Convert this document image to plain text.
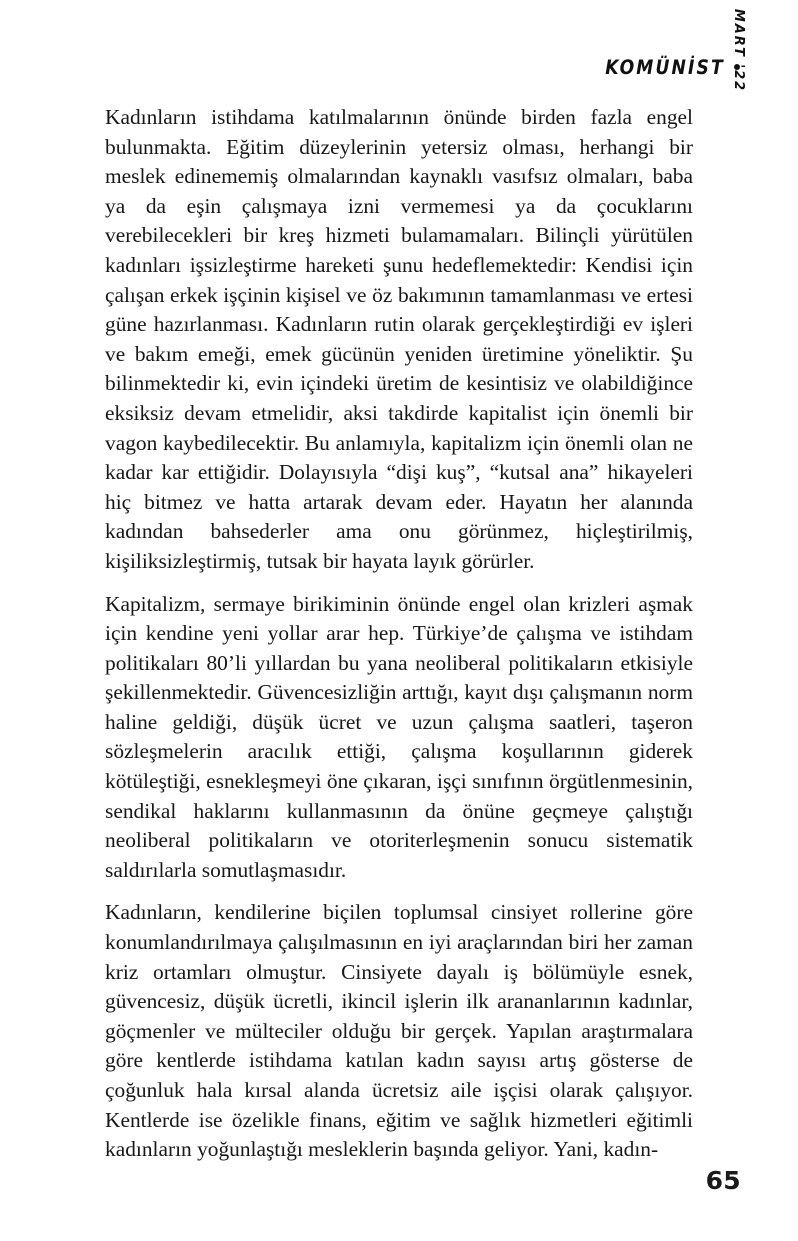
KOMÜNİST MART '22

Kadınların istihdama katılmalarının önünde birden fazla engel bulunmakta. Eğitim düzeylerinin yetersiz olması, herhangi bir meslek edinememiş olmalarından kaynaklı vasıfsız olmaları, baba ya da eşin çalışmaya izni vermemesi ya da çocuklarını verebilecekleri bir kreş hizmeti bulamamaları. Bilinçli yürütülen kadınları işsizleştirme hareketi şunu hedeflemektedir: Kendisi için çalışan erkek işçinin kişisel ve öz bakımının tamamlanması ve ertesi güne hazırlanması. Kadınların rutin olarak gerçekleştirdiği ev işleri ve bakım emeği, emek gücünün yeniden üretimine yöneliktir. Şu bilinmektedir ki, evin içindeki üretim de kesintisiz ve olabildiğince eksiksiz devam etmelidir, aksi takdirde kapitalist için önemli bir vagon kaybedilecektir. Bu anlamıyla, kapitalizm için önemli olan ne kadar kar ettiğidir. Dolayısıyla “dişi kuş”, “kutsal ana” hikayeleri hiç bitmez ve hatta artarak devam eder. Hayatın her alanında kadından bahsederler ama onu görünmez, hiçleştirilmiş, kişiliksizleştirmiş, tutsak bir hayata layık görürler.

Kapitalizm, sermaye birikiminin önünde engel olan krizleri aşmak için kendine yeni yollar arar hep. Türkiye’de çalışma ve istihdam politikaları 80’li yıllardan bu yana neoliberal politikaların etkisiyle şekillenmektedir. Güvencesizliğin arttığı, kayıt dışı çalışmanın norm haline geldiği, düşük ücret ve uzun çalışma saatleri, taşeron sözleşmelerin aracılık ettiği, çalışma koşullarının giderek kötüleştiği, esnekleşmeyi öne çıkaran, işçi sınıfının örgütlenmesinin, sendikal haklarını kullanmasının da önüne geçmeye çalıştığı neoliberal politikaların ve otoriterleşmenin sonucu sistematik saldırılarla somutlaşmasıdır.

Kadınların, kendilerine biçilen toplumsal cinsiyet rollerine göre konumlandırılmaya çalışılmasının en iyi araçlarından biri her zaman kriz ortamları olmuştur. Cinsiyete dayalı iş bölümüyle esnek, güvencesiz, düşük ücretli, ikincil işlerin ilk arananlarının kadınlar, göçmenler ve mülteciler olduğu bir gerçek. Yapılan araştırmalara göre kentlerde istihdama katılan kadın sayısı artış gösterse de çoğunluk hala kırsal alanda ücretsiz aile işçisi olarak çalışıyor. Kentlerde ise özelikle finans, eğitim ve sağlık hizmetleri eğitimli kadınların yoğunlaştığı mesleklerin başında geliyor. Yani, kadın-

65
